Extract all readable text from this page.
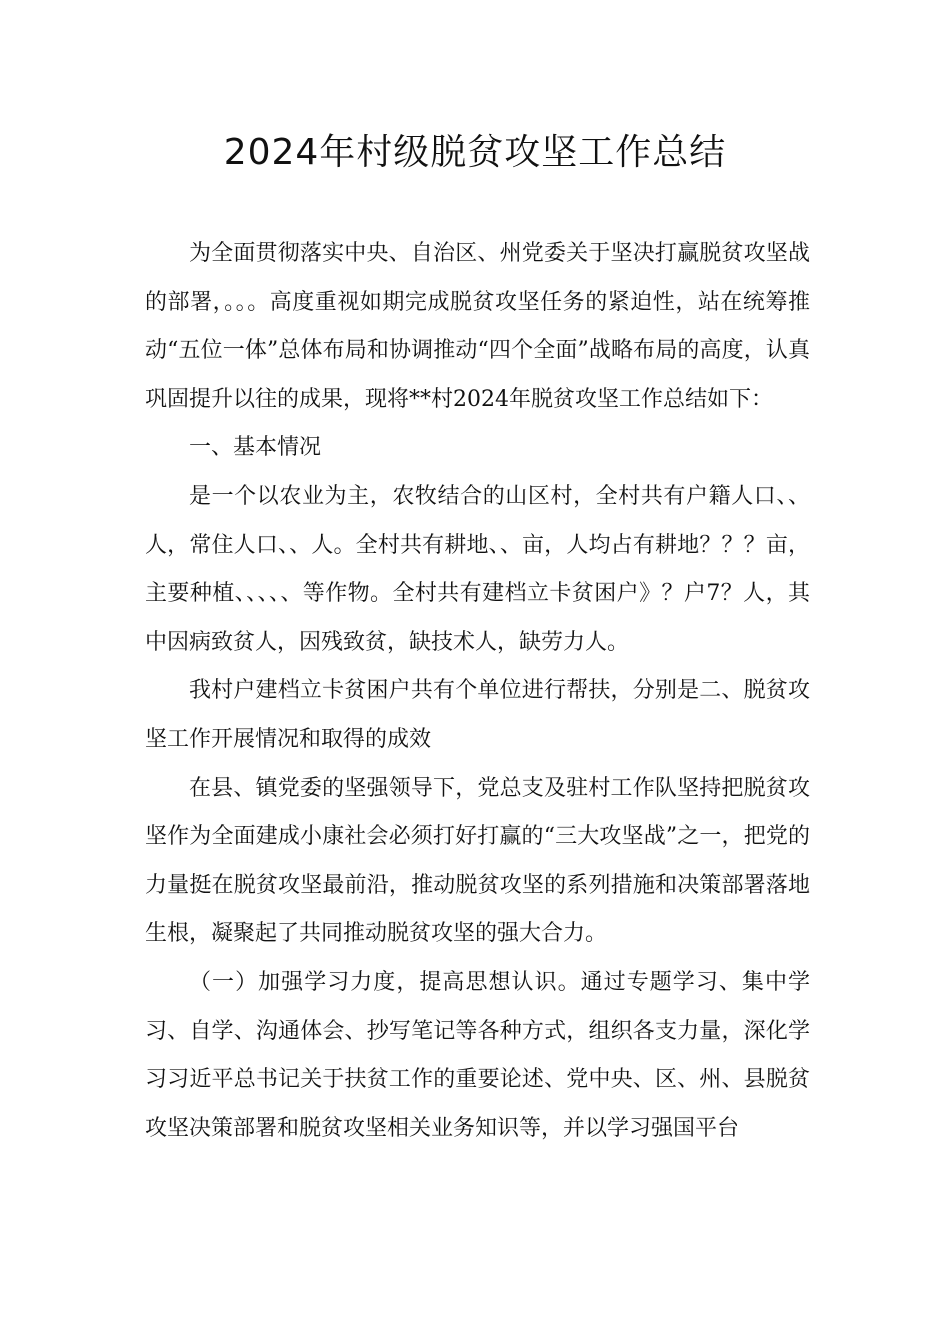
2024年村级脱贫攻坚工作总结

为全面贯彻落实中央、自治区、州党委关于坚决打赢脱贫攻坚战的部署，。。。高度重视如期完成脱贫攻坚任务的紧迫性，站在统筹推动“五位一体”总体布局和协调推动“四个全面”战略布局的高度，认真巩固提升以往的成果，现将**村2024年脱贫攻坚工作总结如下：

一、基本情况

是一个以农业为主，农牧结合的山区村，全村共有户籍人口、、人，常住人口、、人。全村共有耕地、、亩，人均占有耕地？？？亩，主要种植、、、、、等作物。全村共有建档立卡贫困户》？户7？人，其中因病致贫人，因残致贫，缺技术人，缺劳力人。

我村户建档立卡贫困户共有个单位进行帮扶，分别是二、脱贫攻坚工作开展情况和取得的成效

在县、镇党委的坚强领导下，党总支及驻村工作队坚持把脱贫攻坚作为全面建成小康社会必须打好打赢的“三大攻坚战”之一，把党的力量挺在脱贫攻坚最前沿，推动脱贫攻坚的系列措施和决策部署落地生根，凝聚起了共同推动脱贫攻坚的强大合力。

（一）加强学习力度，提高思想认识。通过专题学习、集中学习、自学、沟通体会、抄写笔记等各种方式，组织各支力量，深化学习习近平总书记关于扶贫工作的重要论述、党中央、区、州、县脱贫攻坚决策部署和脱贫攻坚相关业务知识等，并以学习强国平台
